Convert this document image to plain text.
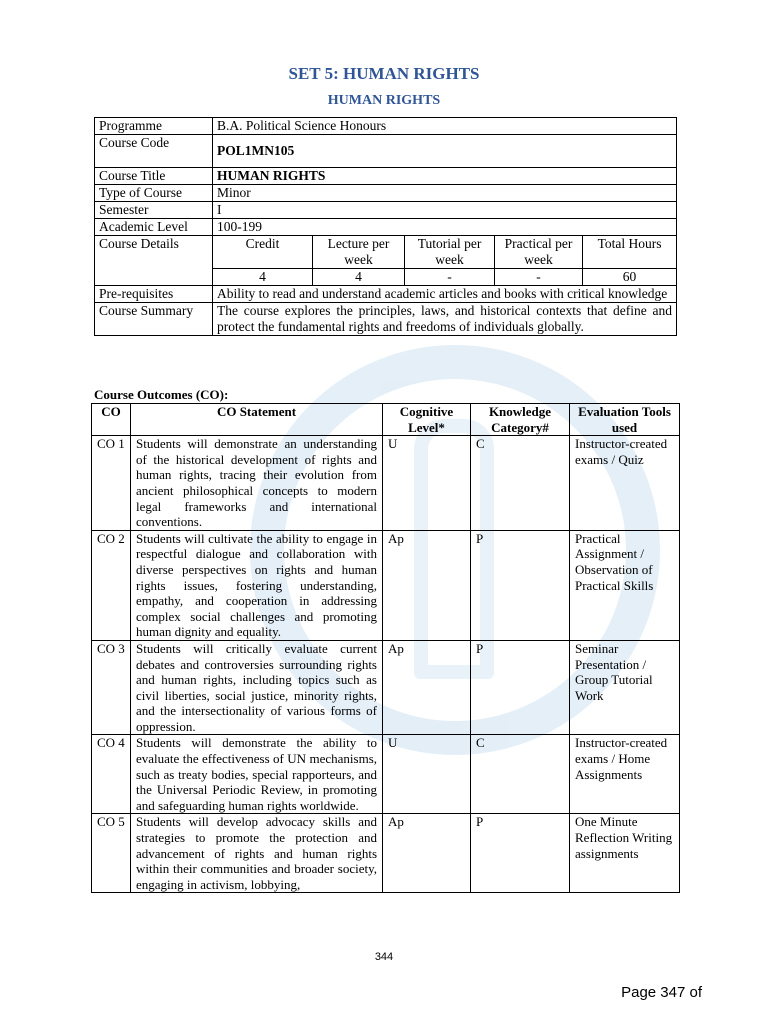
SET 5: HUMAN RIGHTS
HUMAN RIGHTS
Programme	B.A. Political Science Honours				
Course Code	POL1MN105				
Course Title	HUMAN RIGHTS				
Type of Course	Minor				
Semester	I				
Academic Level	100-199				
Course Details	Credit	Lecture per week	Tutorial per week	Practical per week	Total Hours
	4	4	-	-	60
Pre-requisites	Ability to read and understand academic articles and books with critical knowledge				
Course Summary	The course explores the principles, laws, and historical contexts that define and protect the fundamental rights and freedoms of individuals globally.				
Course Outcomes (CO):
CO	CO Statement	Cognitive Level*	Knowledge Category#	Evaluation Tools used
CO 1	Students will demonstrate an understanding of the historical development of rights and human rights, tracing their evolution from ancient philosophical concepts to modern legal frameworks and international conventions.	U	C	Instructor-created exams / Quiz
CO 2	Students will cultivate the ability to engage in respectful dialogue and collaboration with diverse perspectives on rights and human rights issues, fostering understanding, empathy, and cooperation in addressing complex social challenges and promoting human dignity and equality.	Ap	P	Practical Assignment / Observation of Practical Skills
CO 3	Students will critically evaluate current debates and controversies surrounding rights and human rights, including topics such as civil liberties, social justice, minority rights, and the intersectionality of various forms of oppression.	Ap	P	Seminar Presentation / Group Tutorial Work
CO 4	Students will demonstrate the ability to evaluate the effectiveness of UN mechanisms, such as treaty bodies, special rapporteurs, and the Universal Periodic Review, in promoting and safeguarding human rights worldwide.	U	C	Instructor-created exams / Home Assignments
CO 5	Students will develop advocacy skills and strategies to promote the protection and advancement of rights and human rights within their communities and broader society, engaging in activism, lobbying,	Ap	P	One Minute Reflection Writing assignments
344
Page 347 of
